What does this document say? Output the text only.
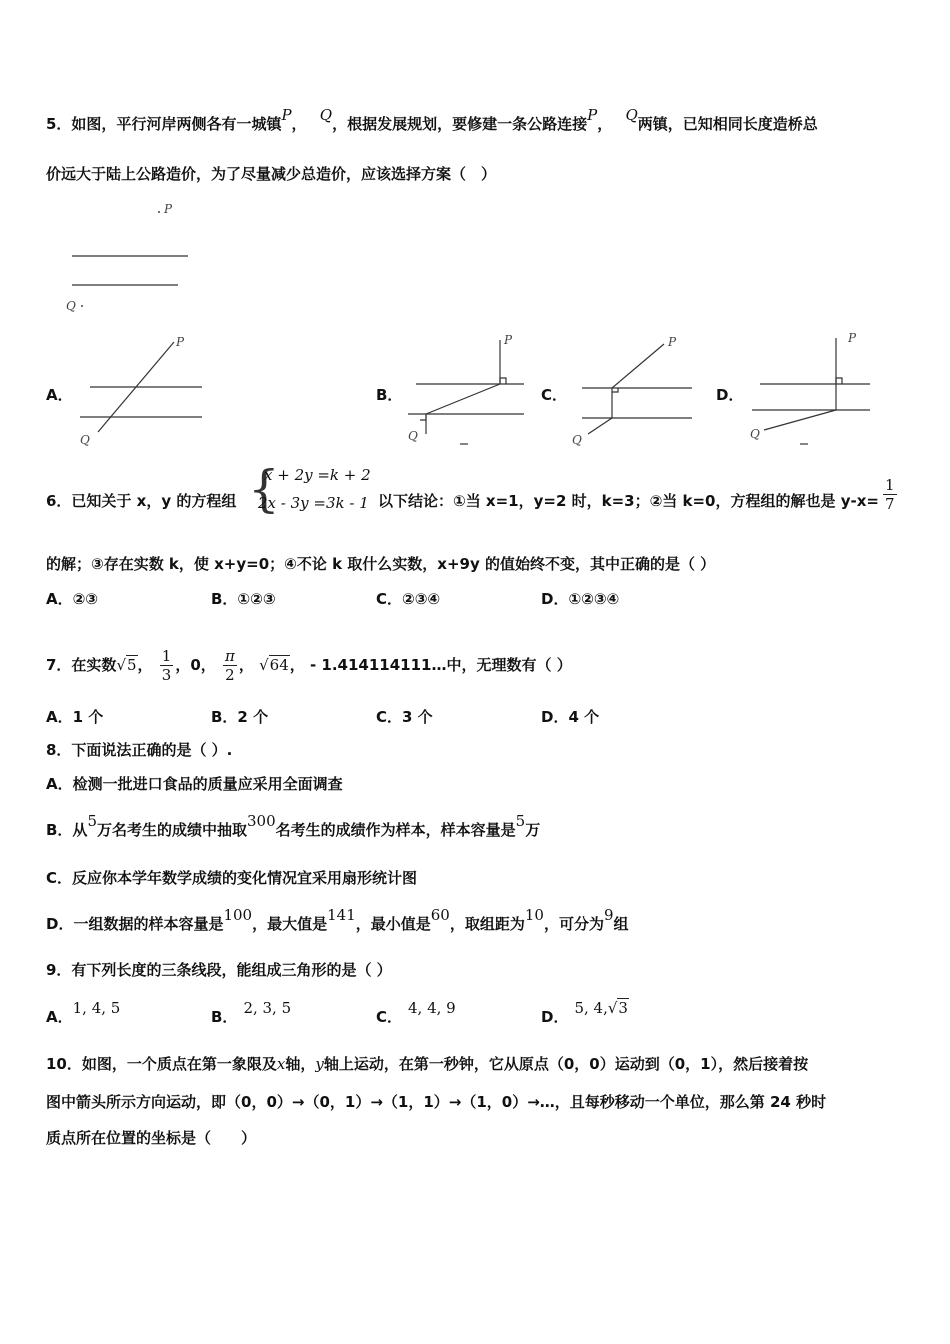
5．如图，平行河岸两侧各有一城镇P， Q，根据发展规划，要修建一条公路连接P， Q两镇，已知相同长度造桥总
价远大于陆上公路造价，为了尽量减少总造价，应该选择方案（　）
P
Q
A．
P
Q
B．
P
Q
C．
P
Q
D．
P
Q
6．已知关于 x，y 的方程组 {
x + 2y =k + 2
2x - 3y =3k - 1 以下结论：①当 x=1，y=2 时，k=3；②当 k=0，方程组的解也是 $y-x= \frac{1}{7}$
的解；③存在实数 k，使 x+y=0；④不论 k 取什么实数，x+9y 的值始终不变，其中正确的是（ ）
A．②③	B．①②③	C．②③④	D．①②③④
7．在实数√5， $\frac{1}{3}$ ，0， $\frac{\pi}{2}$ ， √64， - 1.414114111…中，无理数有（ ）
A．1 个	B．2 个	C．3 个	D．4 个
8．下面说法正确的是（ ）.
A．检测一批进口食品的质量应采用全面调查
B．从5万名考生的成绩中抽取300名考生的成绩作为样本，样本容量是5万
C．反应你本学年数学成绩的变化情况宜采用扇形统计图
D．一组数据的样本容量是100，最大值是141，最小值是60，取组距为10，可分为9组
9．有下列长度的三条线段，能组成三角形的是（ ）
A．1, 4, 5	B． 2, 3, 5	C． 4, 4, 9	D． 5, 4,√3
10．如图，一个质点在第一象限及x轴，y轴上运动，在第一秒钟，它从原点（0，0）运动到（0，1），然后接着按
图中箭头所示方向运动，即（0，0）→（0，1）→（1，1）→（1，0）→…，且每秒移动一个单位，那么第 24 秒时
质点所在位置的坐标是（　　）
